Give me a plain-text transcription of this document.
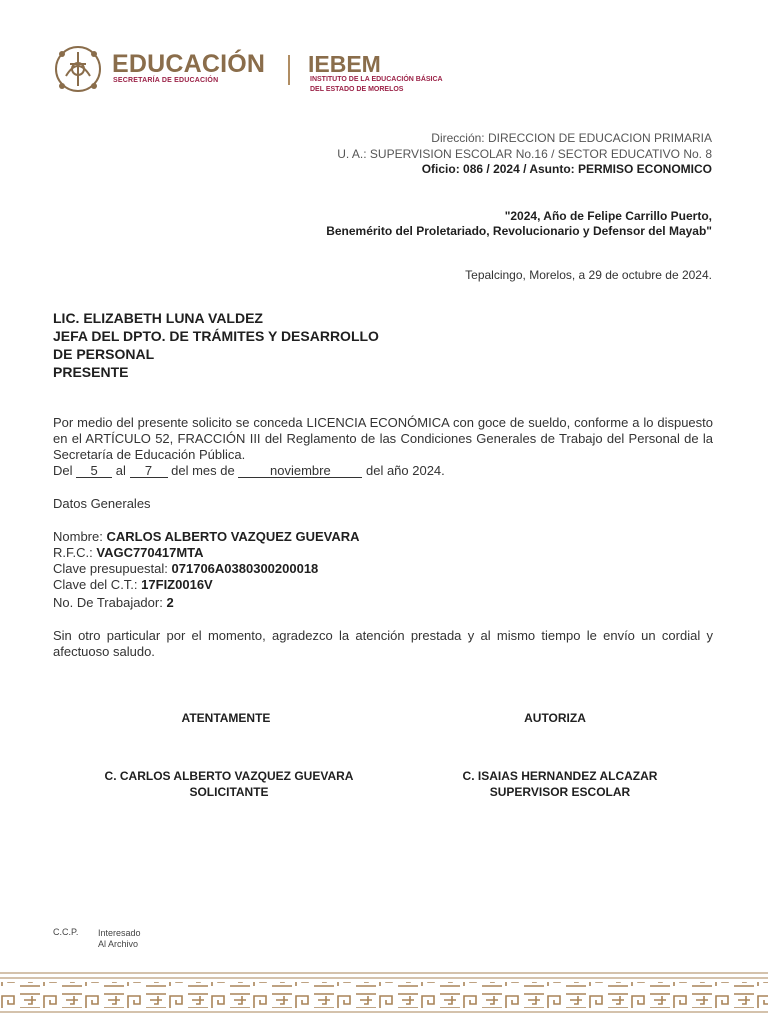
EDUCACIÓN
SECRETARÍA DE EDUCACIÓN
IEBEM
INSTITUTO DE LA EDUCACIÓN BÁSICA
DEL ESTADO DE MORELOS
Dirección: DIRECCION DE EDUCACION PRIMARIA
U. A.: SUPERVISION ESCOLAR No.16 / SECTOR EDUCATIVO No. 8
Oficio: 086 / 2024 / Asunto: PERMISO ECONOMICO
"2024, Año de Felipe Carrillo Puerto,
Benemérito del Proletariado, Revolucionario y Defensor del Mayab"
Tepalcingo, Morelos, a 29 de octubre de 2024.
LIC. ELIZABETH LUNA VALDEZ
JEFA DEL DPTO. DE TRÁMITES Y DESARROLLO
DE PERSONAL
PRESENTE
Por medio del presente solicito se conceda LICENCIA ECONÓMICA con goce de sueldo, conforme a lo dispuesto en el ARTÍCULO 52, FRACCIÓN III del Reglamento de las Condiciones Generales de Trabajo del Personal de la Secretaría de Educación Pública.
Del 5 al 7 del mes de	noviembre	del año 2024.
Datos Generales
Nombre: CARLOS ALBERTO VAZQUEZ GUEVARA
R.F.C.: VAGC770417MTA
Clave presupuestal: 071706A0380300200018
Clave del C.T.: 17FIZ0016V
No. De Trabajador: 2
Sin otro particular por el momento, agradezco la atención prestada y al mismo tiempo le envío un cordial y afectuoso saludo.
ATENTAMENTE	AUTORIZA
C. CARLOS ALBERTO VAZQUEZ GUEVARA
SOLICITANTE
C. ISAIAS HERNANDEZ ALCAZAR
SUPERVISOR ESCOLAR
C.C.P. Interesado
Al Archivo
